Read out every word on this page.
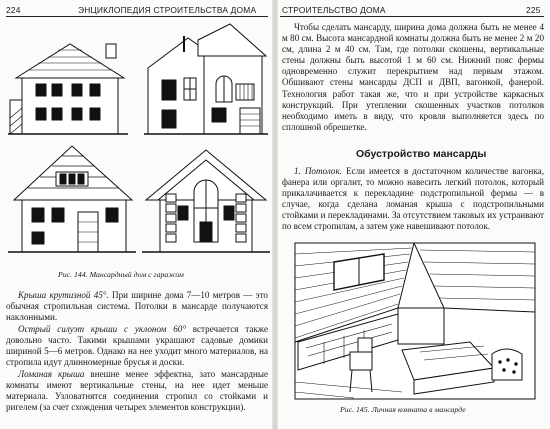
224	ЭНЦИКЛОПЕДИЯ СТРОИТЕЛЬСТВА ДОМА
Рис. 144. Мансардный дом с гаражом
Крыша крутизной 45°. При ширине дома 7—10 метров — это обычная стропильная система. Потолки в мансарде получаются наклонными.
Острый силуэт крыши с уклоном 60° встречается также довольно часто. Такими крышами украшают садовые домики шириной 5—6 метров. Однако на нее уходит много материалов, на стропила идут длинномерные брусья и доски.
Ломаная крыша внешне менее эффектна, зато мансардные комнаты имеют вертикальные стены, на нее идет меньше материала. Узловатнятся соединения стропил со стойками и ригелем (за счет схождения четырех элементов конструкции).
СТРОИТЕЛЬСТВО ДОМА	225
Чтобы сделать мансарду, ширина дома должна быть не менее 4 м 80 см. Высота мансардной комнаты должна быть не менее 2 м 20 см, длина 2 м 40 см. Там, где потолки скошены, вертикальные стены должны быть высотой 1 м 60 см. Нижний пояс фермы одновременно служит перекрытием над первым этажом. Обшивают стены мансарды ДСП и ДВП, вагонкой, фанерой. Технология работ такая же, что и при устройстве каркасных конструкций. При утеплении скошенных участков потолков необходимо иметь в виду, что кровля выполняется здесь по сплошной обрешетке.
Обустройство мансарды
1. Потолок. Если имеется в достаточном количестве вагонка, фанера или оргалит, то можно навесить легкий потолок, который прикалачивается к перекладине подстропильной фермы — в случае, когда сделана ломаная крыша с подстропильными стойками и перекладинами. За отсутствием таковых их устраивают по всем стропилам, а затем уже навешивают потолок.
Рис. 145. Личная комната в мансарде
